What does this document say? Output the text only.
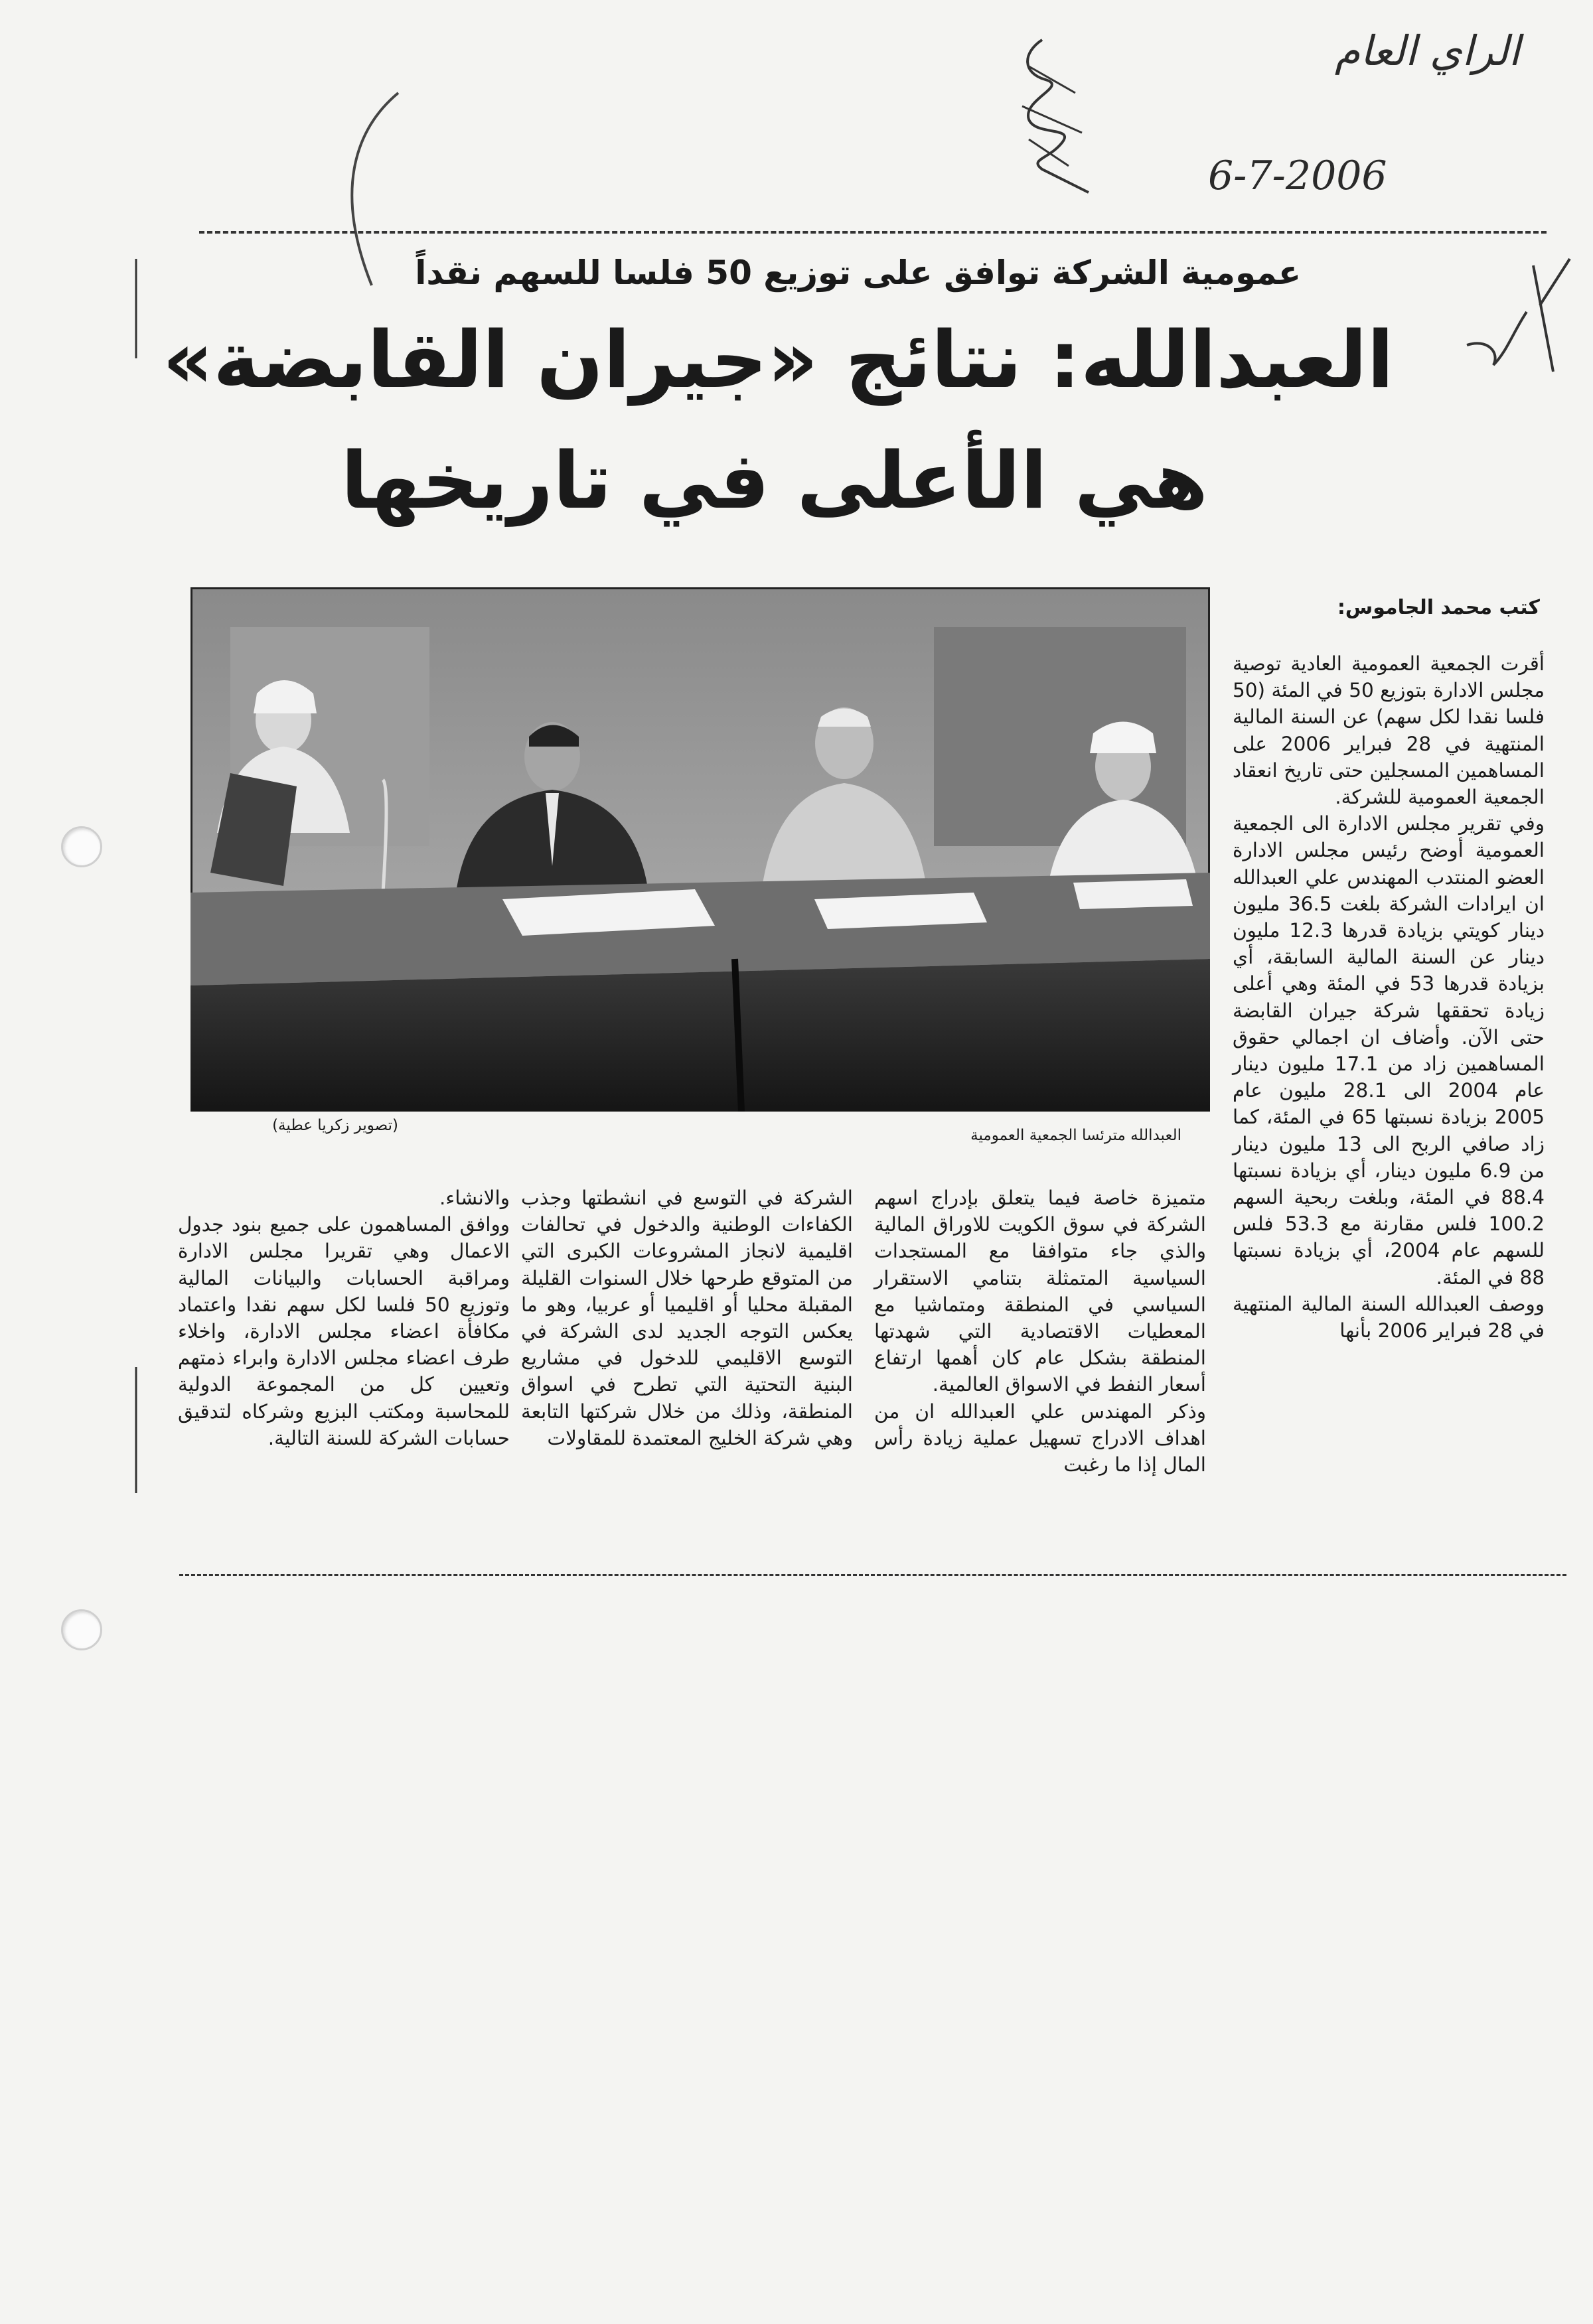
الراي العام
6-7-2006
عمومية الشركة توافق على توزيع 50 فلسا للسهم نقداً
العبدالله: نتائج «جيران القابضة»
هي الأعلى في تاريخها
كتب محمد الجاموس:
العبدالله مترئسا الجمعية العمومية
(تصوير زكريا عطية)

أقرت الجمعية العمومية العادية توصية مجلس الادارة بتوزيع 50 في المئة (50 فلسا نقدا لكل سهم) عن السنة المالية المنتهية في 28 فبراير 2006 على المساهمين المسجلين حتى تاريخ انعقاد الجمعية العمومية للشركة.

وفي تقرير مجلس الادارة الى الجمعية العمومية أوضح رئيس مجلس الادارة العضو المنتدب المهندس علي العبدالله ان ايرادات الشركة بلغت 36.5 مليون دينار كويتي بزيادة قدرها 12.3 مليون دينار عن السنة المالية السابقة، أي بزيادة قدرها 53 في المئة وهي أعلى زيادة تحققها شركة جيران القابضة حتى الآن. وأضاف ان اجمالي حقوق المساهمين زاد من 17.1 مليون دينار عام 2004 الى 28.1 مليون عام 2005 بزيادة نسبتها 65 في المئة، كما زاد صافي الربح الى 13 مليون دينار من 6.9 مليون دينار، أي بزيادة نسبتها 88.4 في المئة، وبلغت ربحية السهم 100.2 فلس مقارنة مع 53.3 فلس للسهم عام 2004، أي بزيادة نسبتها 88 في المئة.

ووصف العبدالله السنة المالية المنتهية في 28 فبراير 2006 بأنها

متميزة خاصة فيما يتعلق بإدراج اسهم الشركة في سوق الكويت للاوراق المالية والذي جاء متوافقا مع المستجدات السياسية المتمثلة بتنامي الاستقرار السياسي في المنطقة ومتماشيا مع المعطيات الاقتصادية التي شهدتها المنطقة بشكل عام كان أهمها ارتفاع أسعار النفط في الاسواق العالمية.

وذكر المهندس علي العبدالله ان من اهداف الادراج تسهيل عملية زيادة رأس المال إذا ما رغبت

الشركة في التوسع في انشطتها وجذب الكفاءات الوطنية والدخول في تحالفات اقليمية لانجاز المشروعات الكبرى التي من المتوقع طرحها خلال السنوات القليلة المقبلة محليا أو اقليميا أو عربيا، وهو ما يعكس التوجه الجديد لدى الشركة في التوسع الاقليمي للدخول في مشاريع البنية التحتية التي تطرح في اسواق المنطقة، وذلك من خلال شركتها التابعة وهي شركة الخليج المعتمدة للمقاولات

والانشاء.

ووافق المساهمون على جميع بنود جدول الاعمال وهي تقريرا مجلس الادارة ومراقبة الحسابات والبيانات المالية وتوزيع 50 فلسا لكل سهم نقدا واعتماد مكافأة اعضاء مجلس الادارة، واخلاء طرف اعضاء مجلس الادارة وابراء ذمتهم وتعيين كل من المجموعة الدولية للمحاسبة ومكتب البزيع وشركاه لتدقيق حسابات الشركة للسنة التالية.
